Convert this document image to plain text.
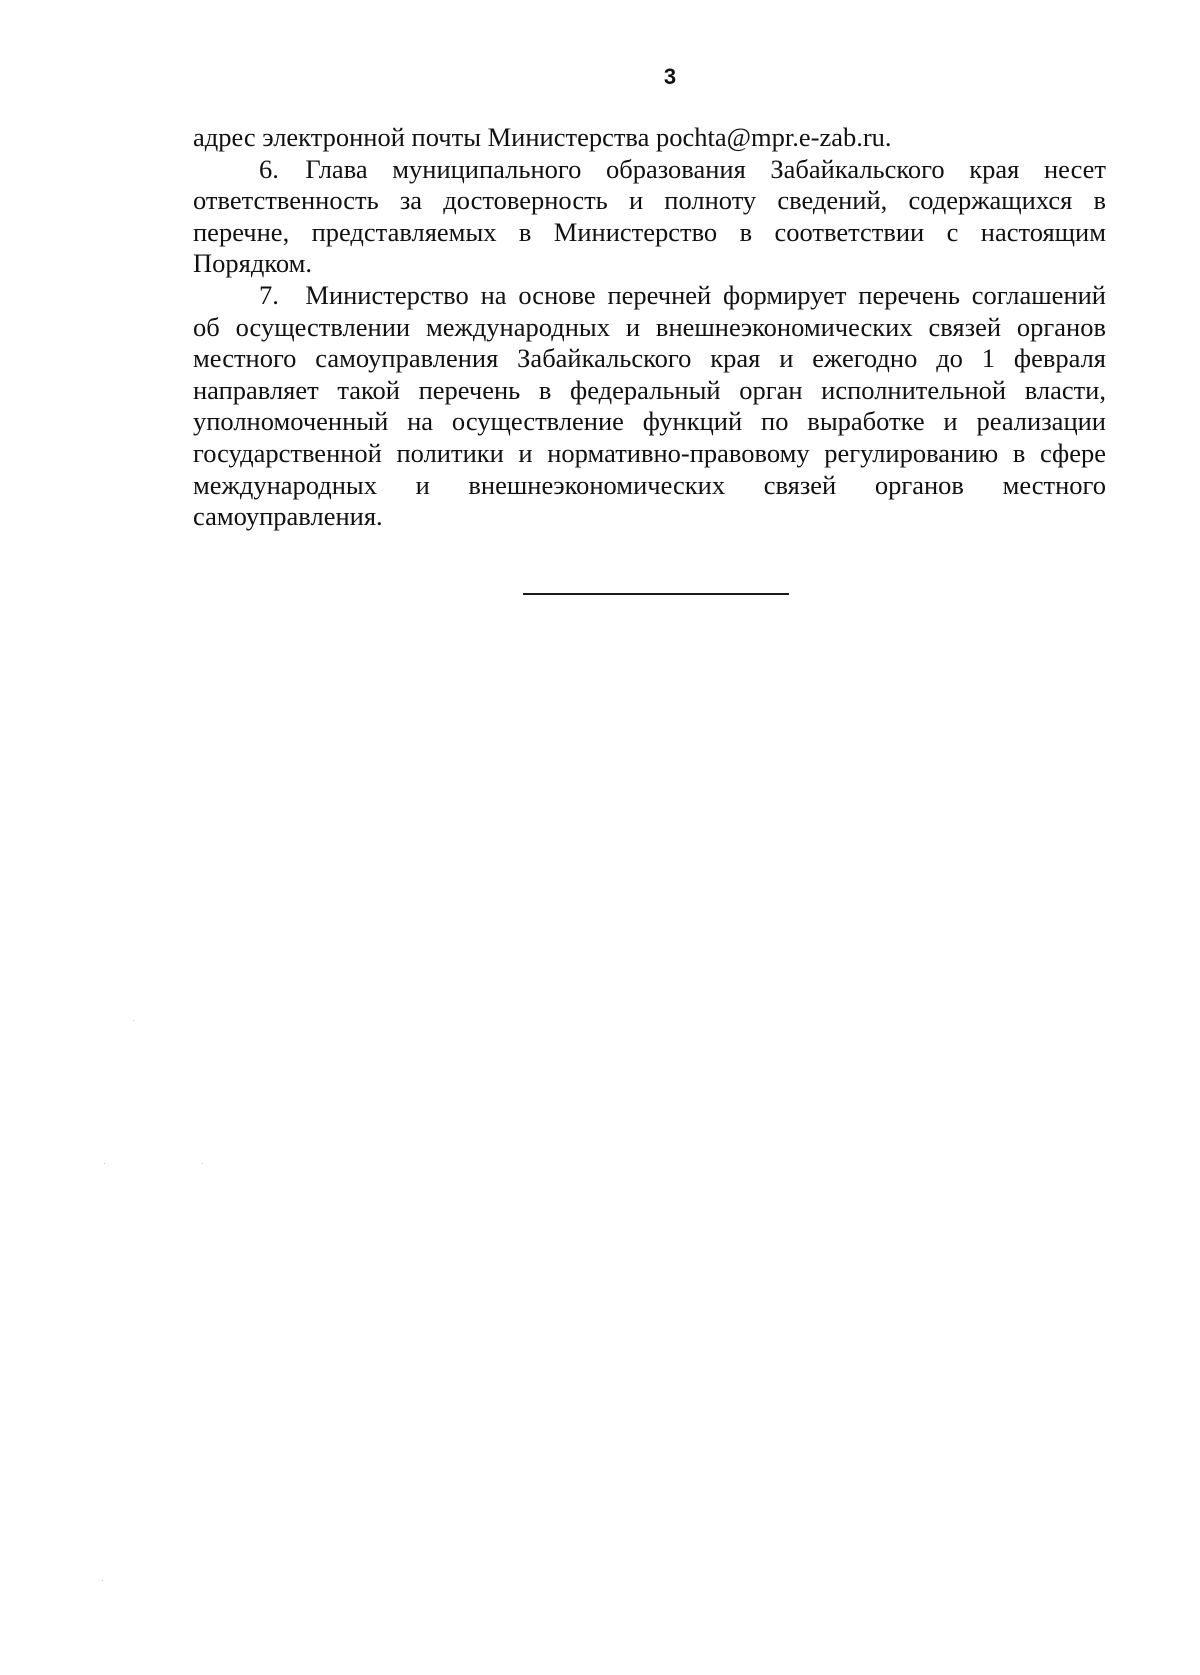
3

адрес электронной почты Министерства pochta@mpr.e-zab.ru.

6. Глава муниципального образования Забайкальского края несет ответственность за достоверность и полноту сведений, содержащихся в перечне, представляемых в Министерство в соответствии с настоящим Порядком.

7. Министерство на основе перечней формирует перечень соглашений об осуществлении международных и внешнеэкономических связей органов местного самоуправления Забайкальского края и ежегодно до 1 февраля направляет такой перечень в федеральный орган исполнительной власти, уполномоченный на осуществление функций по выработке и реализации государственной политики и нормативно-правовому регулированию в сфере международных и внешнеэкономических связей органов местного самоуправления.
